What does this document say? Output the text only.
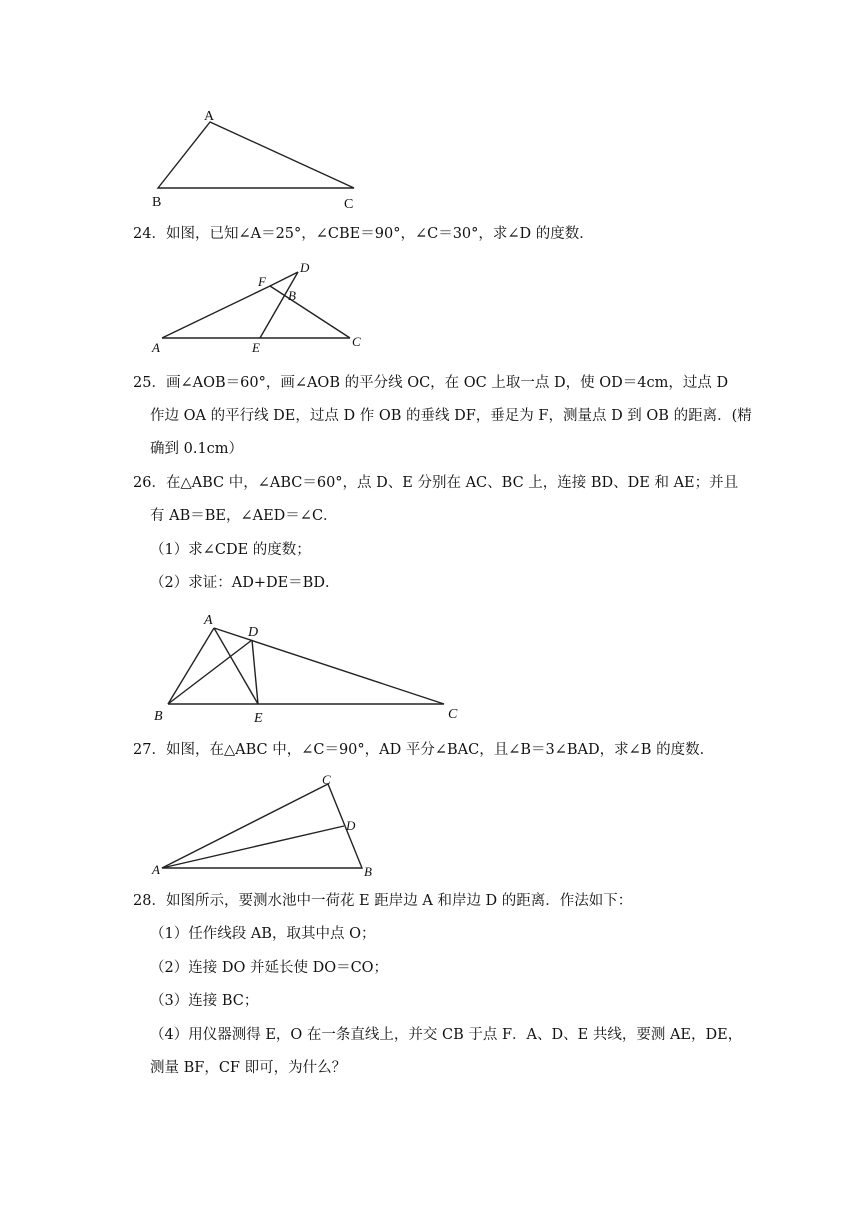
A
B	C
24．如图，已知∠A＝25°，∠CBE＝90°，∠C＝30°，求∠D 的度数．
A	E	C
F
B
D
25．画∠AOB＝60°，画∠AOB 的平分线 OC，在 OC 上取一点 D，使 OD＝4cm，过点 D
作边 OA 的平行线 DE，过点 D 作 OB 的垂线 DF，垂足为 F，测量点 D 到 OB 的距离．(精
确到 0.1cm）
26．在△ABC 中，∠ABC＝60°，点 D、E 分别在 AC、BC 上，连接 BD、DE 和 AE；并且
有 AB＝BE，∠AED＝∠C．
（1）求∠CDE 的度数；
（2）求证：AD+DE＝BD．
A
D
B	E	C
27．如图，在△ABC 中，∠C＝90°，AD 平分∠BAC，且∠B＝3∠BAD，求∠B 的度数．
C
D
A	B
28．如图所示，要测水池中一荷花 E 距岸边 A 和岸边 D 的距离．作法如下：
（1）任作线段 AB，取其中点 O；
（2）连接 DO 并延长使 DO＝CO；
（3）连接 BC；
（4）用仪器测得 E，O 在一条直线上，并交 CB 于点 F．A、D、E 共线，要测 AE，DE，
测量 BF，CF 即可，为什么？
